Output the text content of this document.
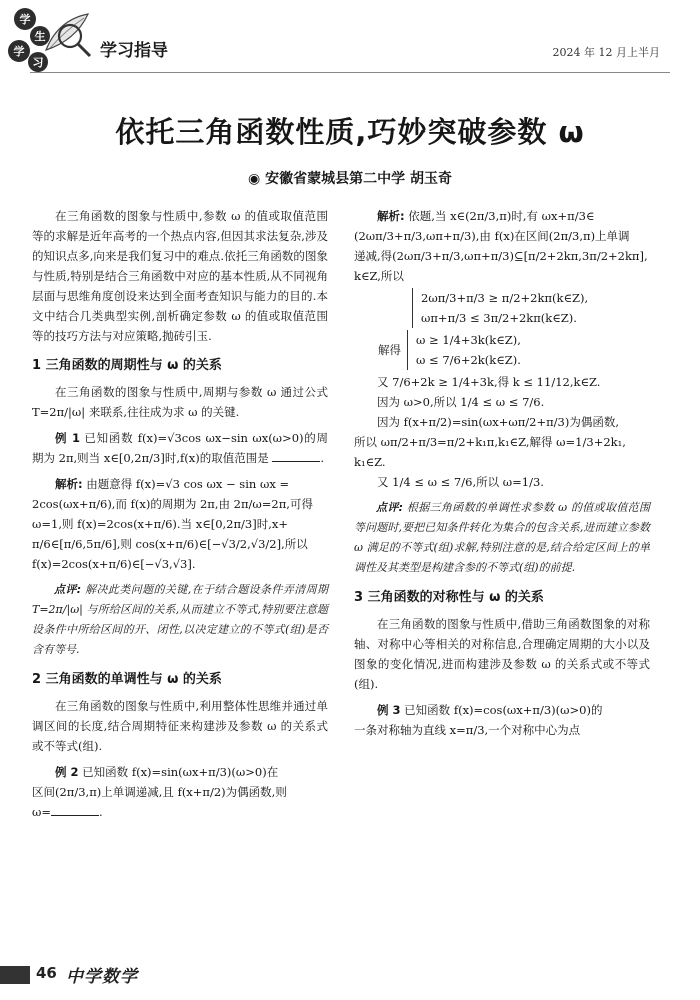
学
生
学
习
学习指导	2024 年 12 月上半月
依托三角函数性质,巧妙突破参数 ω
◉ 安徽省蒙城县第二中学 胡玉奇

在三角函数的图象与性质中,参数 ω 的值或取值范围等的求解是近年高考的一个热点内容,但因其求法复杂,涉及的知识点多,向来是我们复习中的难点.依托三角函数的图象与性质,特别是结合三角函数中对应的基本性质,从不同视角层面与思维角度创设来达到全面考查知识与能力的目的.本文中结合几类典型实例,剖析确定参数 ω 的值或取值范围等的技巧方法与对应策略,抛砖引玉.

1 三角函数的周期性与 ω 的关系

在三角函数的图象与性质中,周期与参数 ω 通过公式 T=2π/|ω| 来联系,往往成为求 ω 的关键.

例 1 已知函数 f(x)=√3cos ωx−sin ωx(ω>0)的周期为 2π,则当 x∈[0,2π/3]时,f(x)的取值范围是	.

解析: 由题意得 f(x)=√3 cos ωx − sin ωx =

2cos(ωx+π/6),而 f(x)的周期为 2π,由 2π/ω=2π,可得

ω=1,则 f(x)=2cos(x+π/6).当 x∈[0,2π/3]时,x+

π/6∈[π/6,5π/6],则 cos(x+π/6)∈[−√3/2,√3/2],所以

f(x)=2cos(x+π/6)∈[−√3,√3].

点评: 解决此类问题的关键,在于结合题设条件弄清周期 T=2π/|ω| 与所给区间的关系,从而建立不等式,特别要注意题设条件中所给区间的开、闭性,以决定建立的不等式(组)是否含有等号.

2 三角函数的单调性与 ω 的关系

在三角函数的图象与性质中,利用整体性思维并通过单调区间的长度,结合周期特征来构建涉及参数 ω 的关系式或不等式(组).

例 2 已知函数 f(x)=sin(ωx+π/3)(ω>0)在

区间(2π/3,π)上单调递减,且 f(x+π/2)为偶函数,则

ω=	.

解析: 依题,当 x∈(2π/3,π)时,有 ωx+π/3∈

(2ωπ/3+π/3,ωπ+π/3),由 f(x)在区间(2π/3,π)上单调

递减,得(2ωπ/3+π/3,ωπ+π/3)⊆[π/2+2kπ,3π/2+2kπ],

k∈Z,所以

2ωπ/3+π/3 ≥ π/2+2kπ(k∈Z),

ωπ+π/3 ≤ 3π/2+2kπ(k∈Z).

解得

ω ≥ 1/4+3k(k∈Z),

ω ≤ 7/6+2k(k∈Z).

又 7/6+2k ≥ 1/4+3k,得 k ≤ 11/12,k∈Z.

因为 ω>0,所以 1/4 ≤ ω ≤ 7/6.

因为 f(x+π/2)=sin(ωx+ωπ/2+π/3)为偶函数,

所以 ωπ/2+π/3=π/2+k₁π,k₁∈Z,解得 ω=1/3+2k₁,

k₁∈Z.

又 1/4 ≤ ω ≤ 7/6,所以 ω=1/3.

点评: 根据三角函数的单调性求参数 ω 的值或取值范围等问题时,要把已知条件转化为集合的包含关系,进而建立参数 ω 满足的不等式(组)求解,特别注意的是,结合给定区间上的单调性及其类型是构建含参的不等式(组)的前提.

3 三角函数的对称性与 ω 的关系

在三角函数的图象与性质中,借助三角函数图象的对称轴、对称中心等相关的对称信息,合理确定周期的大小以及图象的变化情况,进而构建涉及参数 ω 的关系式或不等式(组).

例 3 已知函数 f(x)=cos(ωx+π/3)(ω>0)的

一条对称轴为直线 x=π/3,一个对称中心为点

46 中学数学
